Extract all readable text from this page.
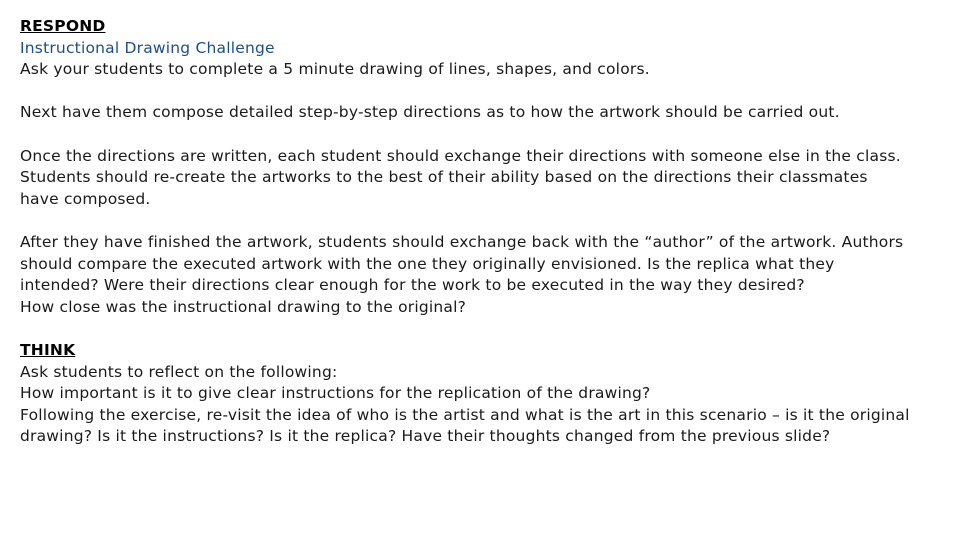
RESPOND

Instructional Drawing Challenge

Ask your students to complete a 5 minute drawing of lines, shapes, and colors.

Next have them compose detailed step-by-step directions as to how the artwork should be carried out.

Once the directions are written, each student should exchange their directions with someone else in the class. Students should re-create the artworks to the best of their ability based on the directions their classmates have composed.

After they have finished the artwork, students should exchange back with the “author” of the artwork. Authors should compare the executed artwork with the one they originally envisioned. Is the replica what they intended? Were their directions clear enough for the work to be executed in the way they desired?

How close was the instructional drawing to the original?

THINK

Ask students to reflect on the following:

How important is it to give clear instructions for the replication of the drawing?

Following the exercise, re-visit the idea of who is the artist and what is the art in this scenario – is it the original drawing? Is it the instructions? Is it the replica? Have their thoughts changed from the previous slide?
